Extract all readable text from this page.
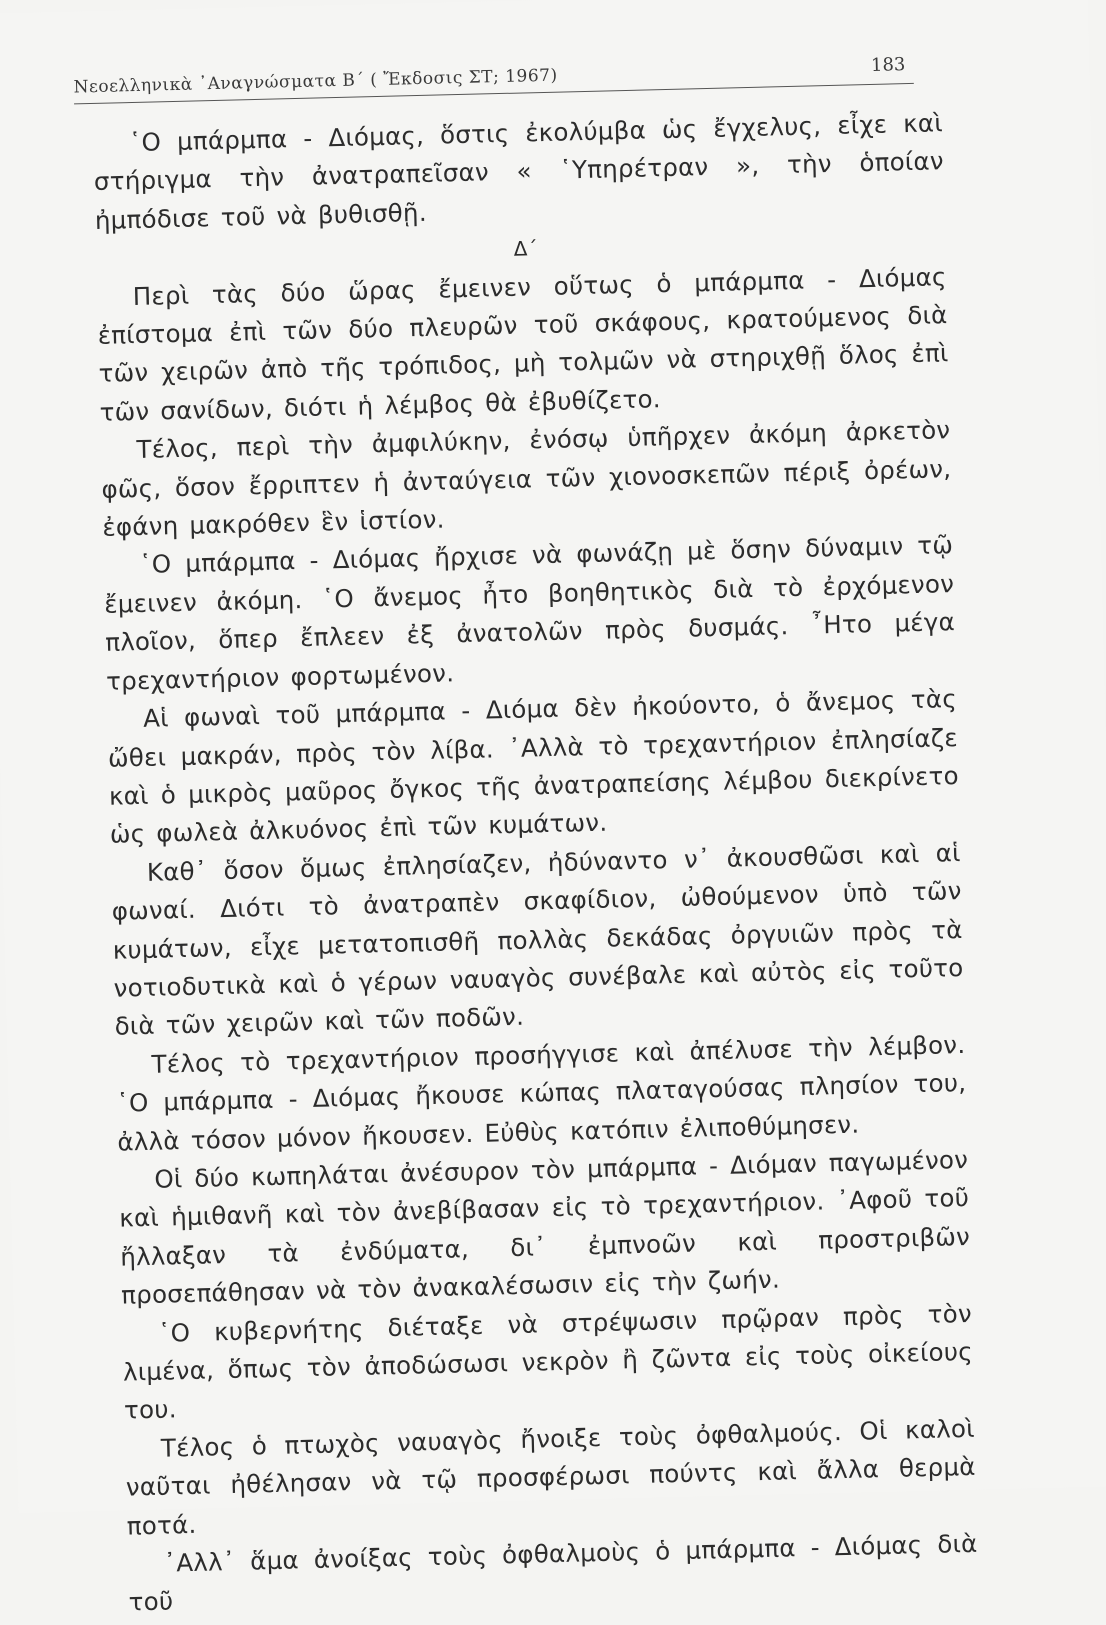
Νεοελληνικὰ ᾿Αναγνώσματα Β΄ ( Ἔκδοσις ΣΤ; 1967)
183

῾Ο μπάρμπα - Διόμας, ὅστις ἐκολύμβα ὡς ἔγχελυς, εἶχε καὶ στήριγμα τὴν ἀνατραπεῖσαν « ῾Υπηρέτραν », τὴν ὁποίαν ἠμπόδισε τοῦ νὰ βυθισθῇ.

Δ΄

Περὶ τὰς δύο ὥρας ἔμεινεν οὕτως ὁ μπάρμπα - Διόμας ἐπίστομα ἐπὶ τῶν δύο πλευρῶν τοῦ σκάφους, κρατούμενος διὰ τῶν χειρῶν ἀπὸ τῆς τρόπιδος, μὴ τολμῶν νὰ στηριχθῇ ὅλος ἐπὶ τῶν σανίδων, διότι ἡ λέμβος θὰ ἐβυθίζετο.

Τέλος, περὶ τὴν ἀμφιλύκην, ἐνόσῳ ὑπῆρχεν ἀκόμη ἀρκετὸν φῶς, ὅσον ἔρριπτεν ἡ ἀνταύγεια τῶν χιονοσκεπῶν πέριξ ὀρέων, ἐφάνη μακρόθεν ἓν ἱστίον.

῾Ο μπάρμπα - Διόμας ἤρχισε νὰ φωνάζῃ μὲ ὅσην δύναμιν τῷ ἔμεινεν ἀκόμη. ῾Ο ἄνεμος ἦτο βοηθητικὸς διὰ τὸ ἐρχόμενον πλοῖον, ὅπερ ἔπλεεν ἐξ ἀνατολῶν πρὸς δυσμάς. ῏Ητο μέγα τρεχαντήριον φορτωμένον.

Αἱ φωναὶ τοῦ μπάρμπα - Διόμα δὲν ἠκούοντο, ὁ ἄνεμος τὰς ὤθει μακράν, πρὸς τὸν λίβα. ᾿Αλλὰ τὸ τρεχαντήριον ἐπλησίαζε καὶ ὁ μικρὸς μαῦρος ὄγκος τῆς ἀνατραπείσης λέμβου διεκρίνετο ὡς φωλεὰ ἀλκυόνος ἐπὶ τῶν κυμάτων.

Καθ᾿ ὅσον ὅμως ἐπλησίαζεν, ἠδύναντο ν᾿ ἀκουσθῶσι καὶ αἱ φωναί. Διότι τὸ ἀνατραπὲν σκαφίδιον, ὠθούμενον ὑπὸ τῶν κυμάτων, εἶχε μετατοπισθῆ πολλὰς δεκάδας ὀργυιῶν πρὸς τὰ νοτιοδυτικὰ καὶ ὁ γέρων ναυαγὸς συνέβαλε καὶ αὐτὸς εἰς τοῦτο διὰ τῶν χειρῶν καὶ τῶν ποδῶν.

Τέλος τὸ τρεχαντήριον προσήγγισε καὶ ἀπέλυσε τὴν λέμβον. ῾Ο μπάρμπα - Διόμας ἤκουσε κώπας πλαταγούσας πλησίον του, ἀλλὰ τόσον μόνον ἤκουσεν. Εὐθὺς κατόπιν ἐλιποθύμησεν.

Οἱ δύο κωπηλάται ἀνέσυρον τὸν μπάρμπα - Διόμαν παγωμένον καὶ ἡμιθανῆ καὶ τὸν ἀνεβίβασαν εἰς τὸ τρεχαντήριον. ᾿Αφοῦ τοῦ ἤλλαξαν τὰ ἐνδύματα, δι᾿ ἐμπνοῶν καὶ προστριβῶν προσεπάθησαν νὰ τὸν ἀνακαλέσωσιν εἰς τὴν ζωήν.

῾Ο κυβερνήτης διέταξε νὰ στρέψωσιν πρῷραν πρὸς τὸν λιμένα, ὅπως τὸν ἀποδώσωσι νεκρὸν ἢ ζῶντα εἰς τοὺς οἰκείους του.

Τέλος ὁ πτωχὸς ναυαγὸς ἤνοιξε τοὺς ὀφθαλμούς. Οἱ καλοὶ ναῦται ἠθέλησαν νὰ τῷ προσφέρωσι πούντς καὶ ἄλλα θερμὰ ποτά.

᾿Αλλ᾿ ἅμα ἀνοίξας τοὺς ὀφθαλμοὺς ὁ μπάρμπα - Διόμας διὰ τοῦ
